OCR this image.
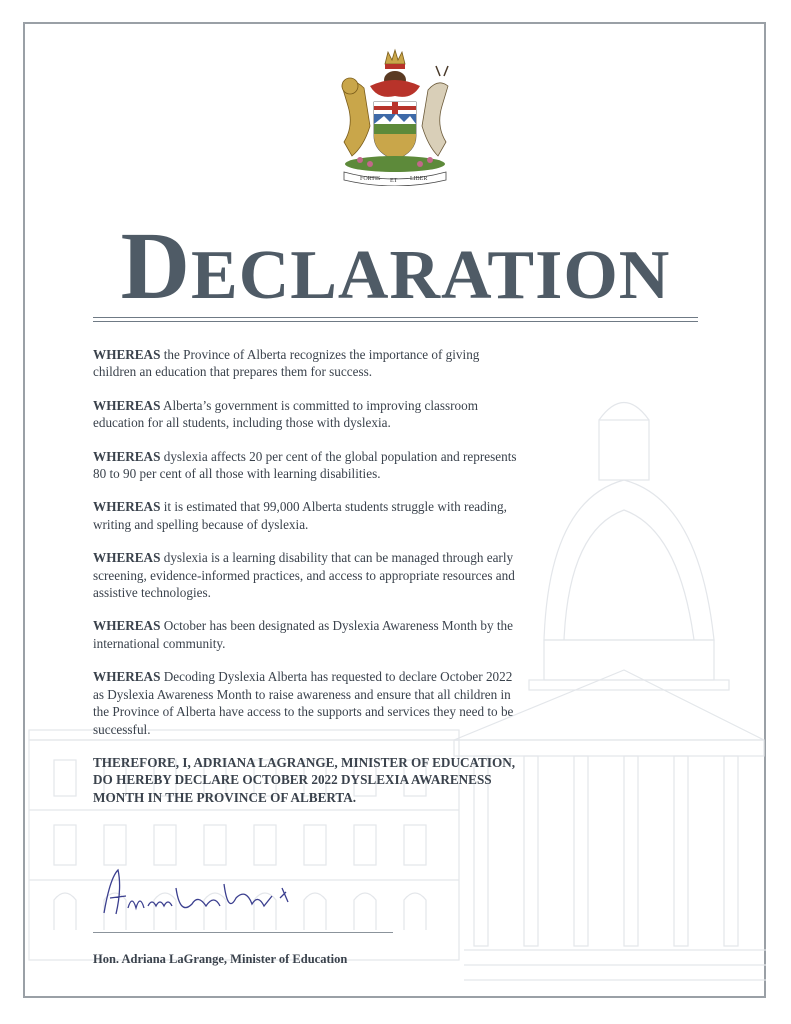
FORTIS ET LIBER
DECLARATION

WHEREAS the Province of Alberta recognizes the importance of giving children an education that prepares them for success.

WHEREAS Alberta’s government is committed to improving classroom education for all students, including those with dyslexia.

WHEREAS dyslexia affects 20 per cent of the global population and represents 80 to 90 per cent of all those with learning disabilities.

WHEREAS it is estimated that 99,000 Alberta students struggle with reading, writing and spelling because of dyslexia.

WHEREAS dyslexia is a learning disability that can be managed through early screening, evidence-informed practices, and access to appropriate resources and assistive technologies.

WHEREAS October has been designated as Dyslexia Awareness Month by the international community.

WHEREAS Decoding Dyslexia Alberta has requested to declare October 2022 as Dyslexia Awareness Month to raise awareness and ensure that all children in the Province of Alberta have access to the supports and services they need to be successful.

THEREFORE, I, ADRIANA LAGRANGE, MINISTER OF EDUCATION, DO HEREBY DECLARE OCTOBER 2022 DYSLEXIA AWARENESS MONTH IN THE PROVINCE OF ALBERTA.

Adriana LaGrange
Hon. Adriana LaGrange, Minister of Education
